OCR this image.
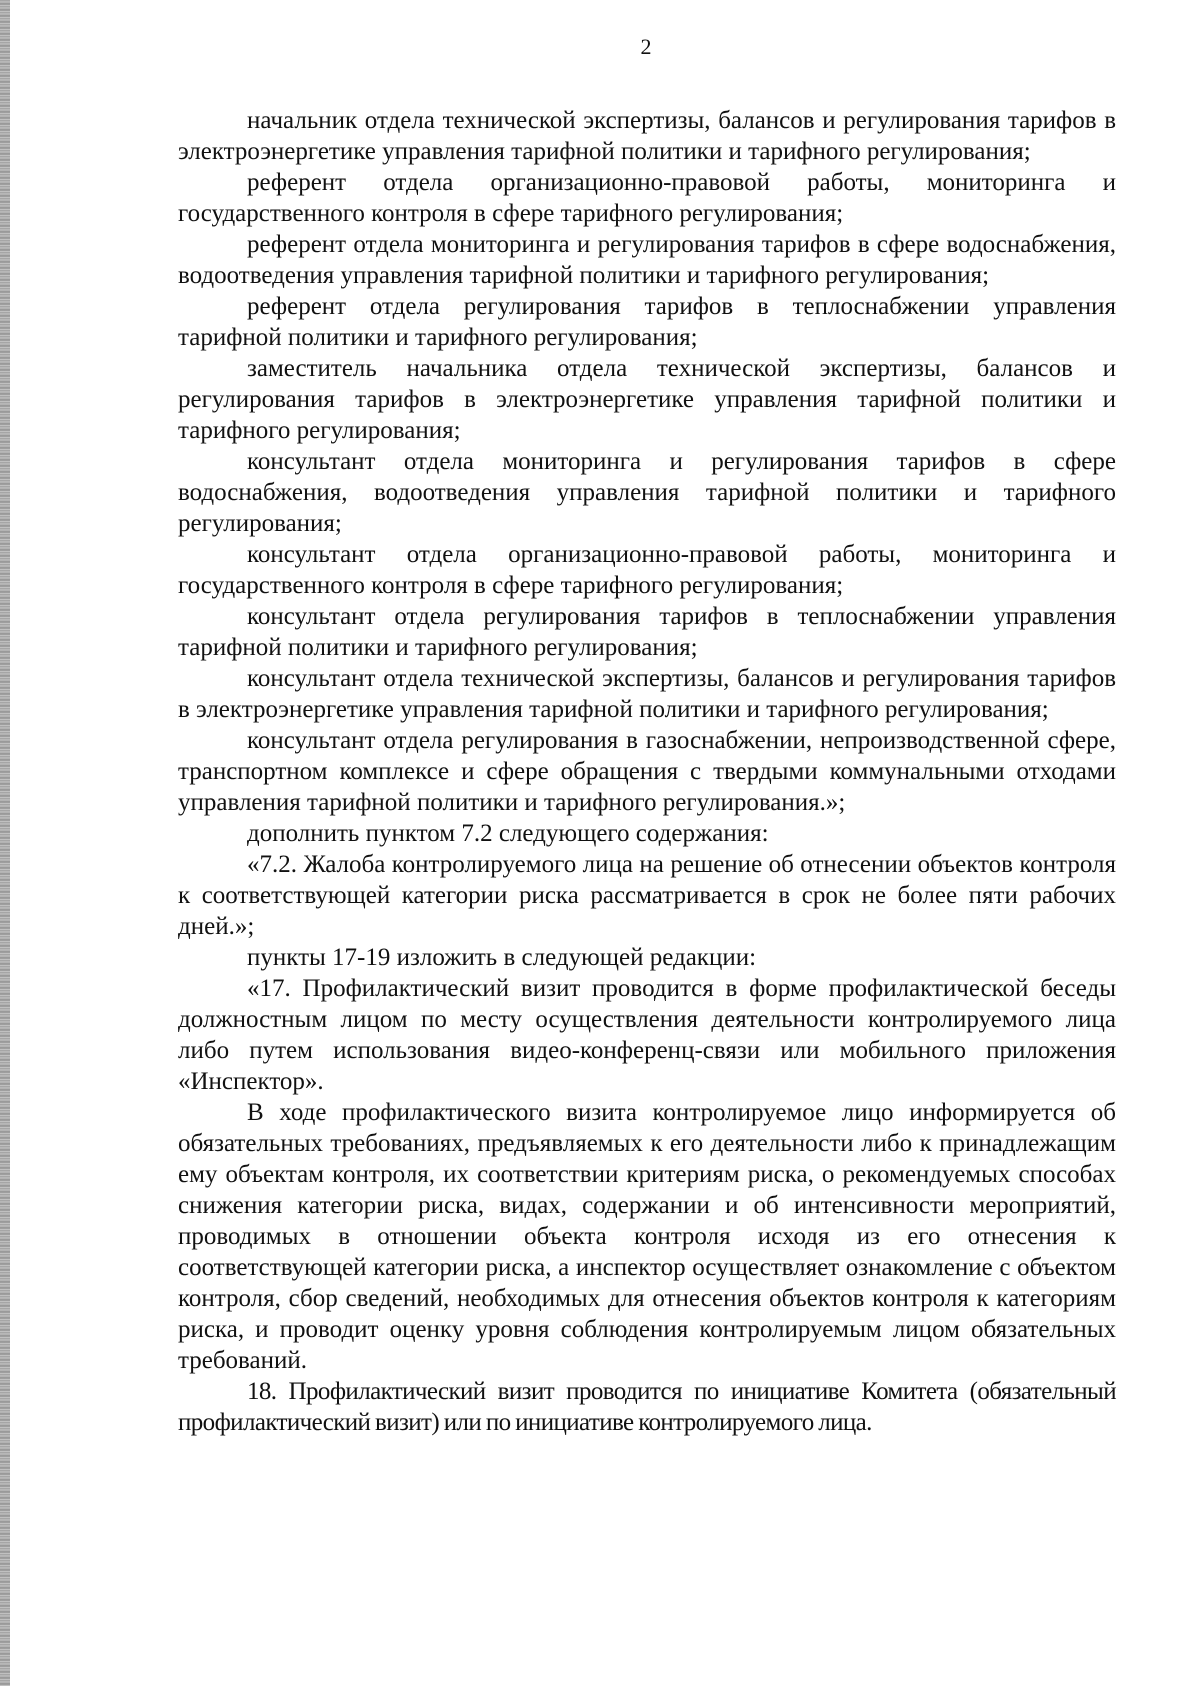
2

начальник отдела технической экспертизы, балансов и регулирования тарифов в электроэнергетике управления тарифной политики и тарифного регулирования;

референт отдела организационно-правовой работы, мониторинга и государственного контроля в сфере тарифного регулирования;

референт отдела мониторинга и регулирования тарифов в сфере водоснабжения, водоотведения управления тарифной политики и тарифного регулирования;

референт отдела регулирования тарифов в теплоснабжении управления тарифной политики и тарифного регулирования;

заместитель начальника отдела технической экспертизы, балансов и регулирования тарифов в электроэнергетике управления тарифной политики и тарифного регулирования;

консультант отдела мониторинга и регулирования тарифов в сфере водоснабжения, водоотведения управления тарифной политики и тарифного регулирования;

консультант отдела организационно-правовой работы, мониторинга и государственного контроля в сфере тарифного регулирования;

консультант отдела регулирования тарифов в теплоснабжении управления тарифной политики и тарифного регулирования;

консультант отдела технической экспертизы, балансов и регулирования тарифов в электроэнергетике управления тарифной политики и тарифного регулирования;

консультант отдела регулирования в газоснабжении, непроизводственной сфере, транспортном комплексе и сфере обращения с твердыми коммунальными отходами управления тарифной политики и тарифного регулирования.»;

дополнить пунктом 7.2 следующего содержания:

«7.2. Жалоба контролируемого лица на решение об отнесении объектов контроля к соответствующей категории риска рассматривается в срок не более пяти рабочих дней.»;

пункты 17-19 изложить в следующей редакции:

«17. Профилактический визит проводится в форме профилактической беседы должностным лицом по месту осуществления деятельности контролируемого лица либо путем использования видео-конференц-связи или мобильного приложения «Инспектор».

В ходе профилактического визита контролируемое лицо информируется об обязательных требованиях, предъявляемых к его деятельности либо к принадлежащим ему объектам контроля, их соответствии критериям риска, о рекомендуемых способах снижения категории риска, видах, содержании и об интенсивности мероприятий, проводимых в отношении объекта контроля исходя из его отнесения к соответствующей категории риска, а инспектор осуществляет ознакомление с объектом контроля, сбор сведений, необходимых для отнесения объектов контроля к категориям риска, и проводит оценку уровня соблюдения контролируемым лицом обязательных требований.

18. Профилактический визит проводится по инициативе Комитета (обязательный профилактический визит) или по инициативе контролируемого лица.
